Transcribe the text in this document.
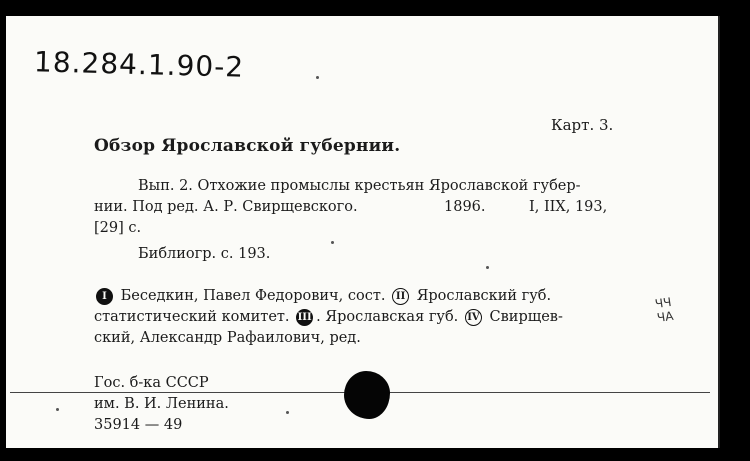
18.284.1.90-2
Карт. 3.
Обзор Ярославской губернии.
Вып. 2. Отхожие промыслы крестьян Ярославской губер-
нии. Под ред. А. Р. Свирщевского.	1896.	I, IIX, 193,
[29] с.
Библиогр. с. 193.
I Беседкин, Павел Федорович, сост. II Ярославский губ.
статистический комитет. III . Ярославская губ. IV Свирщев-
ский, Александр Рафаилович, ред.
ЧЧ
ЧА
Гос. б-ка СССР
им. В. И. Ленина.
35914 — 49
